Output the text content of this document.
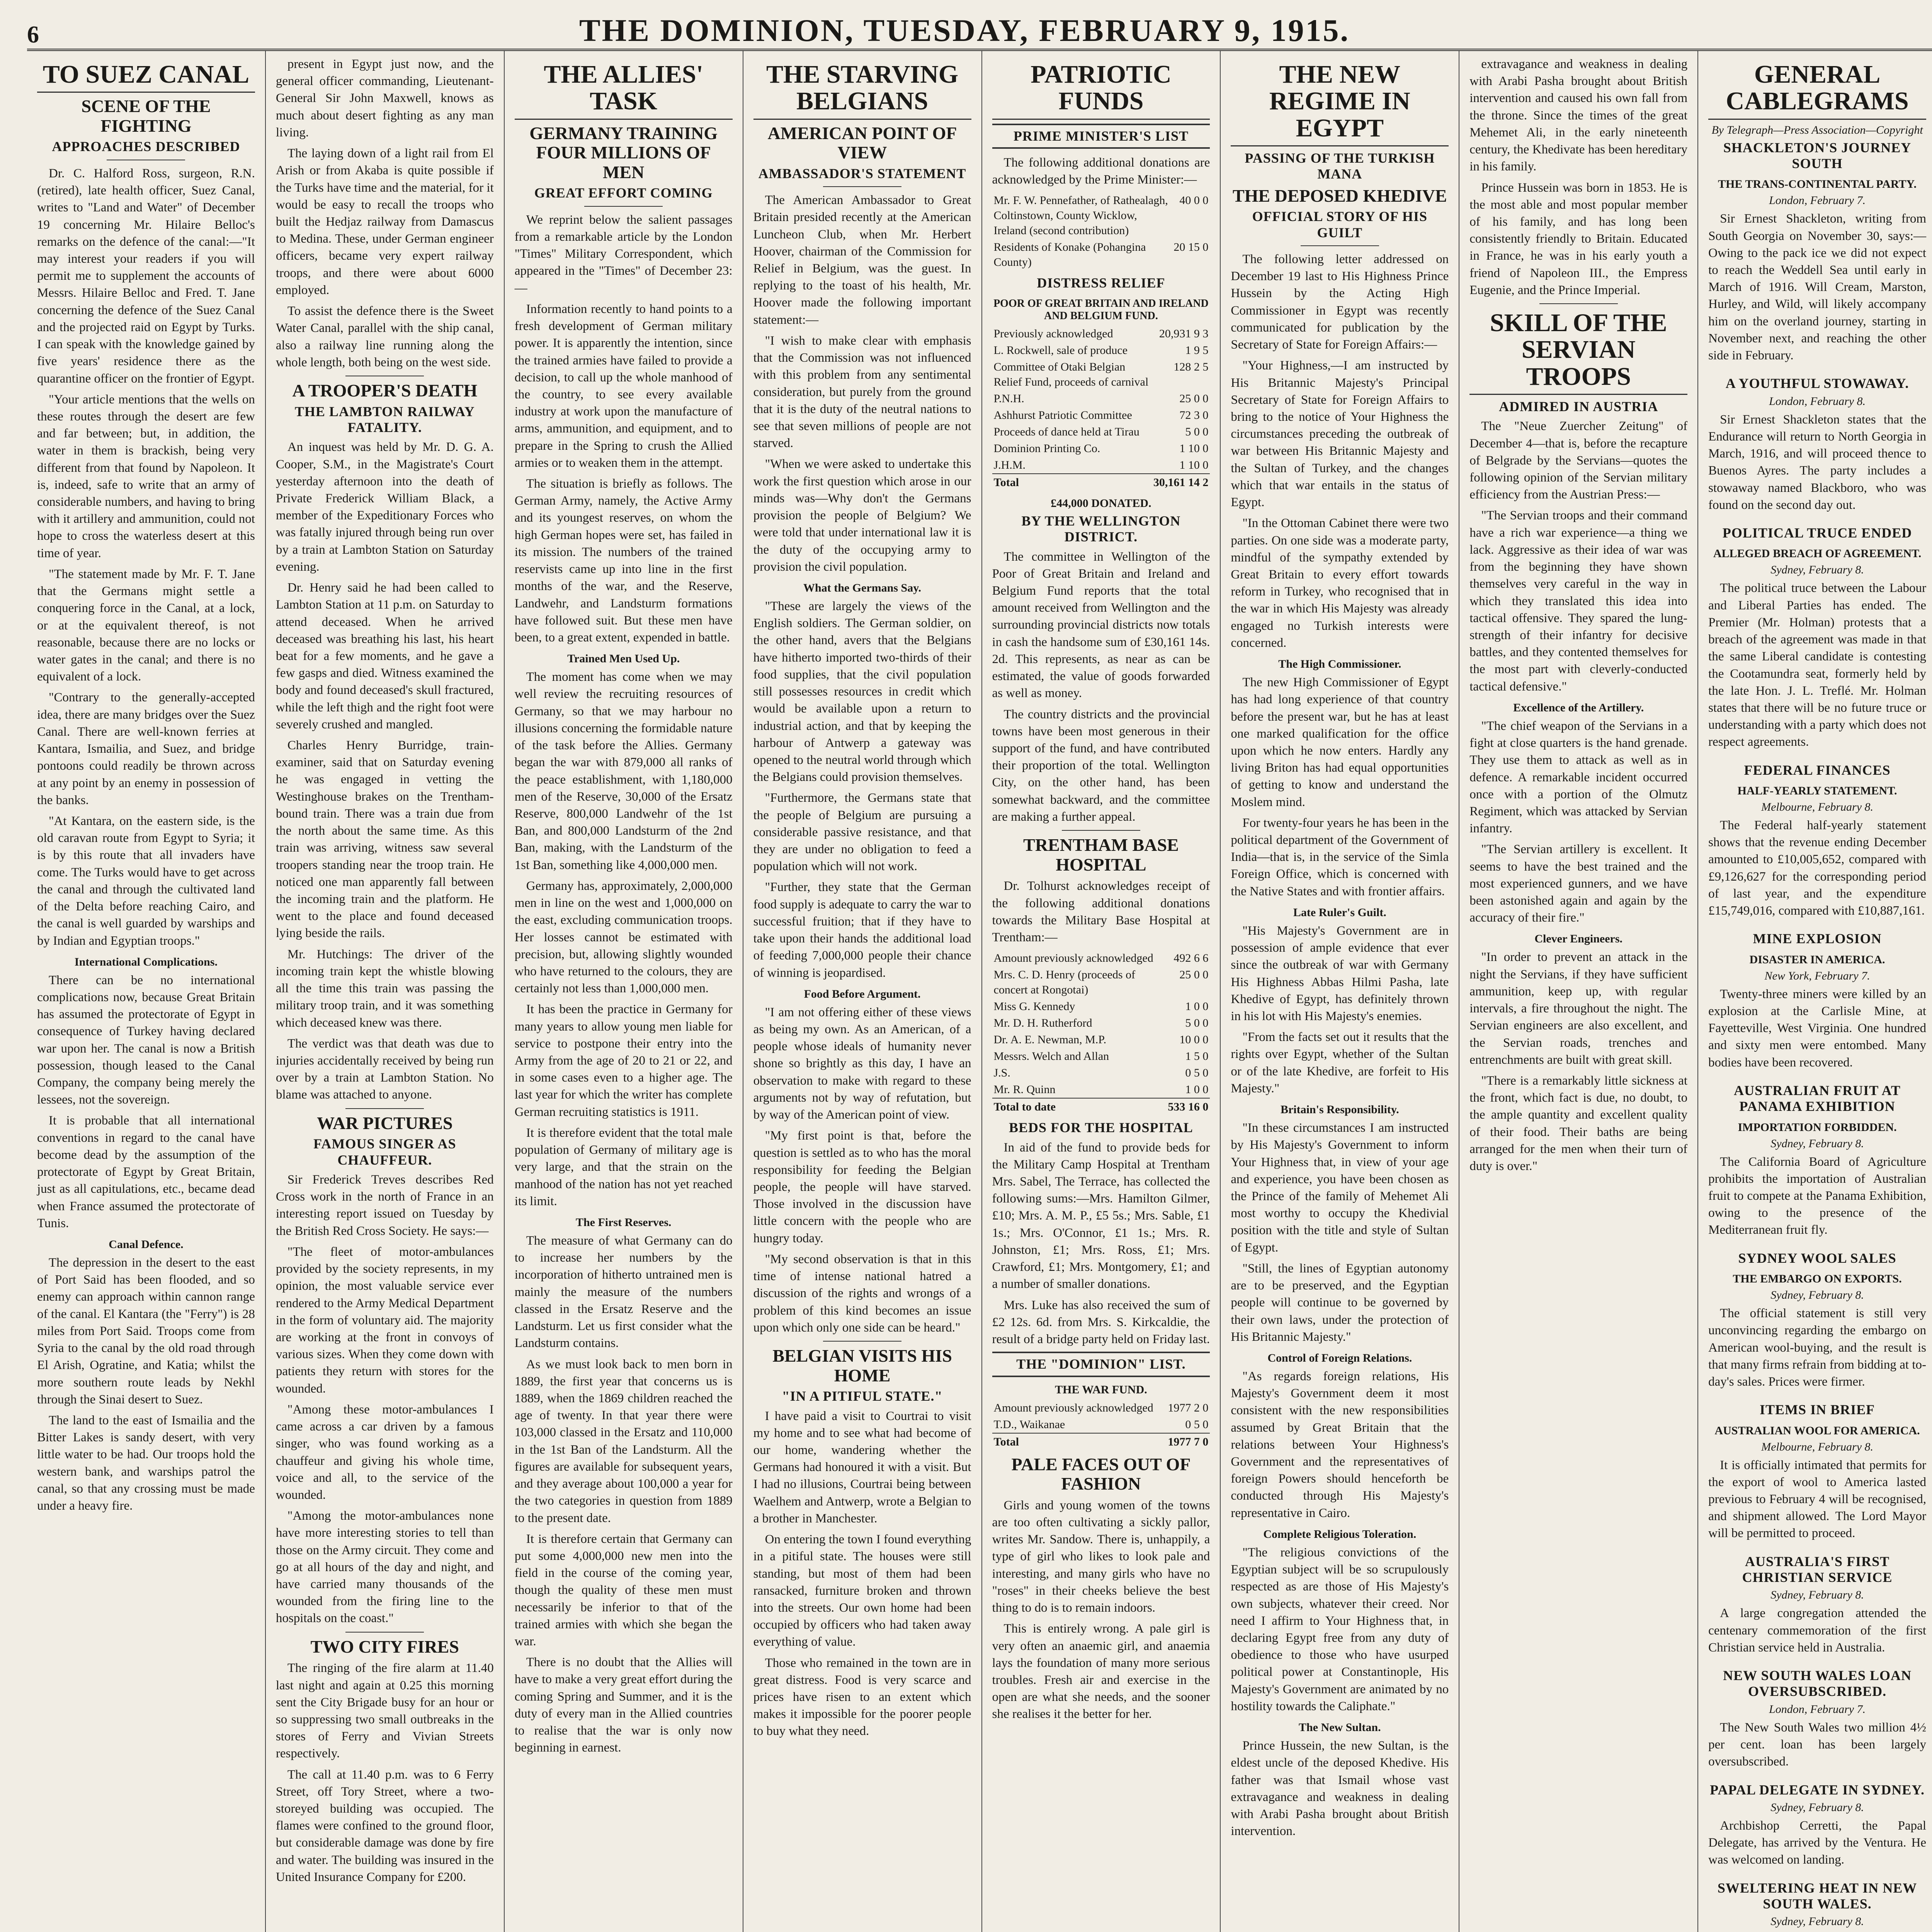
6	THE DOMINION, TUESDAY, FEBRUARY 9, 1915.
TO SUEZ CANAL
SCENE OF THE FIGHTING
APPROACHES DESCRIBED

Dr. C. Halford Ross, surgeon, R.N. (retired), late health officer, Suez Canal, writes to "Land and Water" of December 19 concerning Mr. Hilaire Belloc's remarks on the defence of the canal:—"It may interest your readers if you will permit me to supplement the accounts of Messrs. Hilaire Belloc and Fred. T. Jane concerning the defence of the Suez Canal and the projected raid on Egypt by Turks. I can speak with the knowledge gained by five years' residence there as the quarantine officer on the frontier of Egypt.

"Your article mentions that the wells on these routes through the desert are few and far between; but, in addition, the water in them is brackish, being very different from that found by Napoleon. It is, indeed, safe to write that an army of considerable numbers, and having to bring with it artillery and ammunition, could not hope to cross the waterless desert at this time of year.

"The statement made by Mr. F. T. Jane that the Germans might settle a conquering force in the Canal, at a lock, or at the equivalent thereof, is not reasonable, because there are no locks or water gates in the canal; and there is no equivalent of a lock.

"Contrary to the generally-accepted idea, there are many bridges over the Suez Canal. There are well-known ferries at Kantara, Ismailia, and Suez, and bridge pontoons could readily be thrown across at any point by an enemy in possession of the banks.

"At Kantara, on the eastern side, is the old caravan route from Egypt to Syria; it is by this route that all invaders have come. The Turks would have to get across the canal and through the cultivated land of the Delta before reaching Cairo, and the canal is well guarded by warships and by Indian and Egyptian troops."

International Complications.

There can be no international complications now, because Great Britain has assumed the protectorate of Egypt in consequence of Turkey having declared war upon her. The canal is now a British possession, though leased to the Canal Company, the company being merely the lessees, not the sovereign.

It is probable that all international conventions in regard to the canal have become dead by the assumption of the protectorate of Egypt by Great Britain, just as all capitulations, etc., became dead when France assumed the protectorate of Tunis.

Canal Defence.

The depression in the desert to the east of Port Said has been flooded, and so enemy can approach within cannon range of the canal. El Kantara (the "Ferry") is 28 miles from Port Said. Troops come from Syria to the canal by the old road through El Arish, Ogratine, and Katia; whilst the more southern route leads by Nekhl through the Sinai desert to Suez.

The land to the east of Ismailia and the Bitter Lakes is sandy desert, with very little water to be had. Our troops hold the western bank, and warships patrol the canal, so that any crossing must be made under a heavy fire.

present in Egypt just now, and the general officer commanding, Lieutenant-General Sir John Maxwell, knows as much about desert fighting as any man living.

The laying down of a light rail from El Arish or from Akaba is quite possible if the Turks have time and the material, for it would be easy to recall the troops who built the Hedjaz railway from Damascus to Medina. These, under German engineer officers, became very expert railway troops, and there were about 6000 employed.

To assist the defence there is the Sweet Water Canal, parallel with the ship canal, also a railway line running along the whole length, both being on the west side.

A TROOPER'S DEATH
THE LAMBTON RAILWAY FATALITY.

An inquest was held by Mr. D. G. A. Cooper, S.M., in the Magistrate's Court yesterday afternoon into the death of Private Frederick William Black, a member of the Expeditionary Forces who was fatally injured through being run over by a train at Lambton Station on Saturday evening.

Dr. Henry said he had been called to Lambton Station at 11 p.m. on Saturday to attend deceased. When he arrived deceased was breathing his last, his heart beat for a few moments, and he gave a few gasps and died. Witness examined the body and found deceased's skull fractured, while the left thigh and the right foot were severely crushed and mangled.

Charles Henry Burridge, train-examiner, said that on Saturday evening he was engaged in vetting the Westinghouse brakes on the Trentham-bound train. There was a train due from the north about the same time. As this train was arriving, witness saw several troopers standing near the troop train. He noticed one man apparently fall between the incoming train and the platform. He went to the place and found deceased lying beside the rails.

Mr. Hutchings: The driver of the incoming train kept the whistle blowing all the time this train was passing the military troop train, and it was something which deceased knew was there.

The verdict was that death was due to injuries accidentally received by being run over by a train at Lambton Station. No blame was attached to anyone.

WAR PICTURES
FAMOUS SINGER AS CHAUFFEUR.

Sir Frederick Treves describes Red Cross work in the north of France in an interesting report issued on Tuesday by the British Red Cross Society. He says:—

"The fleet of motor-ambulances provided by the society represents, in my opinion, the most valuable service ever rendered to the Army Medical Department in the form of voluntary aid. The majority are working at the front in convoys of various sizes. When they come down with patients they return with stores for the wounded.

"Among these motor-ambulances I came across a car driven by a famous singer, who was found working as a chauffeur and giving his whole time, voice and all, to the service of the wounded.

"Among the motor-ambulances none have more interesting stories to tell than those on the Army circuit. They come and go at all hours of the day and night, and have carried many thousands of the wounded from the firing line to the hospitals on the coast."

TWO CITY FIRES

The ringing of the fire alarm at 11.40 last night and again at 0.25 this morning sent the City Brigade busy for an hour or so suppressing two small outbreaks in the stores of Ferry and Vivian Streets respectively.

The call at 11.40 p.m. was to 6 Ferry Street, off Tory Street, where a two-storeyed building was occupied. The flames were confined to the ground floor, but considerable damage was done by fire and water. The building was insured in the United Insurance Company for £200.

THE ALLIES' TASK
GERMANY TRAINING FOUR MILLIONS OF MEN
GREAT EFFORT COMING

We reprint below the salient passages from a remarkable article by the London "Times" Military Correspondent, which appeared in the "Times" of December 23:—

Information recently to hand points to a fresh development of German military power. It is apparently the intention, since the trained armies have failed to provide a decision, to call up the whole manhood of the country, to see every available industry at work upon the manufacture of arms, ammunition, and equipment, and to prepare in the Spring to crush the Allied armies or to weaken them in the attempt.

The situation is briefly as follows. The German Army, namely, the Active Army and its youngest reserves, on whom the high German hopes were set, has failed in its mission. The numbers of the trained reservists came up into line in the first months of the war, and the Reserve, Landwehr, and Landsturm formations have followed suit. But these men have been, to a great extent, expended in battle.

Trained Men Used Up.

The moment has come when we may well review the recruiting resources of Germany, so that we may harbour no illusions concerning the formidable nature of the task before the Allies. Germany began the war with 879,000 all ranks of the peace establishment, with 1,180,000 men of the Reserve, 30,000 of the Ersatz Reserve, 800,000 Landwehr of the 1st Ban, and 800,000 Landsturm of the 2nd Ban, making, with the Landsturm of the 1st Ban, something like 4,000,000 men.

Germany has, approximately, 2,000,000 men in line on the west and 1,000,000 on the east, excluding communication troops. Her losses cannot be estimated with precision, but, allowing slightly wounded who have returned to the colours, they are certainly not less than 1,000,000 men.

It has been the practice in Germany for many years to allow young men liable for service to postpone their entry into the Army from the age of 20 to 21 or 22, and in some cases even to a higher age. The last year for which the writer has complete German recruiting statistics is 1911.

It is therefore evident that the total male population of Germany of military age is very large, and that the strain on the manhood of the nation has not yet reached its limit.

The First Reserves.

The measure of what Germany can do to increase her numbers by the incorporation of hitherto untrained men is mainly the measure of the numbers classed in the Ersatz Reserve and the Landsturm. Let us first consider what the Landsturm contains.

As we must look back to men born in 1889, the first year that concerns us is 1889, when the 1869 children reached the age of twenty. In that year there were 103,000 classed in the Ersatz and 110,000 in the 1st Ban of the Landsturm. All the figures are available for subsequent years, and they average about 100,000 a year for the two categories in question from 1889 to the present date.

It is therefore certain that Germany can put some 4,000,000 new men into the field in the course of the coming year, though the quality of these men must necessarily be inferior to that of the trained armies with which she began the war.

There is no doubt that the Allies will have to make a very great effort during the coming Spring and Summer, and it is the duty of every man in the Allied countries to realise that the war is only now beginning in earnest.

THE STARVING BELGIANS
AMERICAN POINT OF VIEW
AMBASSADOR'S STATEMENT

The American Ambassador to Great Britain presided recently at the American Luncheon Club, when Mr. Herbert Hoover, chairman of the Commission for Relief in Belgium, was the guest. In replying to the toast of his health, Mr. Hoover made the following important statement:—

"I wish to make clear with emphasis that the Commission was not influenced with this problem from any sentimental consideration, but purely from the ground that it is the duty of the neutral nations to see that seven millions of people are not starved.

"When we were asked to undertake this work the first question which arose in our minds was—Why don't the Germans provision the people of Belgium? We were told that under international law it is the duty of the occupying army to provision the civil population.

What the Germans Say.

"These are largely the views of the English soldiers. The German soldier, on the other hand, avers that the Belgians have hitherto imported two-thirds of their food supplies, that the civil population still possesses resources in credit which would be available upon a return to industrial action, and that by keeping the harbour of Antwerp a gateway was opened to the neutral world through which the Belgians could provision themselves.

"Furthermore, the Germans state that the people of Belgium are pursuing a considerable passive resistance, and that they are under no obligation to feed a population which will not work.

"Further, they state that the German food supply is adequate to carry the war to successful fruition; that if they have to take upon their hands the additional load of feeding 7,000,000 people their chance of winning is jeopardised.

Food Before Argument.

"I am not offering either of these views as being my own. As an American, of a people whose ideals of humanity never shone so brightly as this day, I have an observation to make with regard to these arguments not by way of refutation, but by way of the American point of view.

"My first point is that, before the question is settled as to who has the moral responsibility for feeding the Belgian people, the people will have starved. Those involved in the discussion have little concern with the people who are hungry today.

"My second observation is that in this time of intense national hatred a discussion of the rights and wrongs of a problem of this kind becomes an issue upon which only one side can be heard."

BELGIAN VISITS HIS HOME
"IN A PITIFUL STATE."

I have paid a visit to Courtrai to visit my home and to see what had become of our home, wandering whether the Germans had honoured it with a visit. But I had no illusions, Courtrai being between Waelhem and Antwerp, wrote a Belgian to a brother in Manchester.

On entering the town I found everything in a pitiful state. The houses were still standing, but most of them had been ransacked, furniture broken and thrown into the streets. Our own home had been occupied by officers who had taken away everything of value.

Those who remained in the town are in great distress. Food is very scarce and prices have risen to an extent which makes it impossible for the poorer people to buy what they need.

PATRIOTIC FUNDS
PRIME MINISTER'S LIST

The following additional donations are acknowledged by the Prime Minister:—

Mr. F. W. Pennefather, of Rathealagh, Coltinstown, County Wicklow, Ireland (second contribution)	40 0 0
Residents of Konake (Pohangina County)	20 15 0
DISTRESS RELIEF
POOR OF GREAT BRITAIN AND IRELAND AND BELGIUM FUND.
Previously acknowledged	20,931 9 3
L. Rockwell, sale of produce	1 9 5
Committee of Otaki Belgian Relief Fund, proceeds of carnival	128 2 5
P.N.H.	25 0 0
Ashhurst Patriotic Committee	72 3 0
Proceeds of dance held at Tirau	5 0 0
Dominion Printing Co.	1 10 0
J.H.M.	1 10 0
Total	30,161 14 2
£44,000 DONATED.
BY THE WELLINGTON DISTRICT.

The committee in Wellington of the Poor of Great Britain and Ireland and Belgium Fund reports that the total amount received from Wellington and the surrounding provincial districts now totals in cash the handsome sum of £30,161 14s. 2d. This represents, as near as can be estimated, the value of goods forwarded as well as money.

The country districts and the provincial towns have been most generous in their support of the fund, and have contributed their proportion of the total. Wellington City, on the other hand, has been somewhat backward, and the committee are making a further appeal.

TRENTHAM BASE HOSPITAL

Dr. Tolhurst acknowledges receipt of the following additional donations towards the Military Base Hospital at Trentham:—

Amount previously acknowledged	492 6 6
Mrs. C. D. Henry (proceeds of concert at Rongotai)	25 0 0
Miss G. Kennedy	1 0 0
Mr. D. H. Rutherford	5 0 0
Dr. A. E. Newman, M.P.	10 0 0
Messrs. Welch and Allan	1 5 0
J.S.	0 5 0
Mr. R. Quinn	1 0 0
Total to date	533 16 0
BEDS FOR THE HOSPITAL

In aid of the fund to provide beds for the Military Camp Hospital at Trentham Mrs. Sabel, The Terrace, has collected the following sums:—Mrs. Hamilton Gilmer, £10; Mrs. A. M. P., £5 5s.; Mrs. Sable, £1 1s.; Mrs. O'Connor, £1 1s.; Mrs. R. Johnston, £1; Mrs. Ross, £1; Mrs. Crawford, £1; Mrs. Montgomery, £1; and a number of smaller donations.

Mrs. Luke has also received the sum of £2 12s. 6d. from Mrs. S. Kirkcaldie, the result of a bridge party held on Friday last.

THE "DOMINION" LIST.
THE WAR FUND.
Amount previously acknowledged	1977 2 0
T.D., Waikanae	0 5 0
Total	1977 7 0
PALE FACES OUT OF FASHION

Girls and young women of the towns are too often cultivating a sickly pallor, writes Mr. Sandow. There is, unhappily, a type of girl who likes to look pale and interesting, and many girls who have no "roses" in their cheeks believe the best thing to do is to remain indoors.

This is entirely wrong. A pale girl is very often an anaemic girl, and anaemia lays the foundation of many more serious troubles. Fresh air and exercise in the open are what she needs, and the sooner she realises it the better for her.

THE NEW REGIME IN EGYPT
PASSING OF THE TURKISH MANA
THE DEPOSED KHEDIVE
OFFICIAL STORY OF HIS GUILT

The following letter addressed on December 19 last to His Highness Prince Hussein by the Acting High Commissioner in Egypt was recently communicated for publication by the Secretary of State for Foreign Affairs:—

"Your Highness,—I am instructed by His Britannic Majesty's Principal Secretary of State for Foreign Affairs to bring to the notice of Your Highness the circumstances preceding the outbreak of war between His Britannic Majesty and the Sultan of Turkey, and the changes which that war entails in the status of Egypt.

"In the Ottoman Cabinet there were two parties. On one side was a moderate party, mindful of the sympathy extended by Great Britain to every effort towards reform in Turkey, who recognised that in the war in which His Majesty was already engaged no Turkish interests were concerned.

The High Commissioner.

The new High Commissioner of Egypt has had long experience of that country before the present war, but he has at least one marked qualification for the office upon which he now enters. Hardly any living Briton has had equal opportunities of getting to know and understand the Moslem mind.

For twenty-four years he has been in the political department of the Government of India—that is, in the service of the Simla Foreign Office, which is concerned with the Native States and with frontier affairs.

Late Ruler's Guilt.

"His Majesty's Government are in possession of ample evidence that ever since the outbreak of war with Germany His Highness Abbas Hilmi Pasha, late Khedive of Egypt, has definitely thrown in his lot with His Majesty's enemies.

"From the facts set out it results that the rights over Egypt, whether of the Sultan or of the late Khedive, are forfeit to His Majesty."

Britain's Responsibility.

"In these circumstances I am instructed by His Majesty's Government to inform Your Highness that, in view of your age and experience, you have been chosen as the Prince of the family of Mehemet Ali most worthy to occupy the Khedivial position with the title and style of Sultan of Egypt.

"Still, the lines of Egyptian autonomy are to be preserved, and the Egyptian people will continue to be governed by their own laws, under the protection of His Britannic Majesty."

Control of Foreign Relations.

"As regards foreign relations, His Majesty's Government deem it most consistent with the new responsibilities assumed by Great Britain that the relations between Your Highness's Government and the representatives of foreign Powers should henceforth be conducted through His Majesty's representative in Cairo.

Complete Religious Toleration.

"The religious convictions of the Egyptian subject will be so scrupulously respected as are those of His Majesty's own subjects, whatever their creed. Nor need I affirm to Your Highness that, in declaring Egypt free from any duty of obedience to those who have usurped political power at Constantinople, His Majesty's Government are animated by no hostility towards the Caliphate."

The New Sultan.

Prince Hussein, the new Sultan, is the eldest uncle of the deposed Khedive. His father was that Ismail whose vast extravagance and weakness in dealing with Arabi Pasha brought about British intervention.

extravagance and weakness in dealing with Arabi Pasha brought about British intervention and caused his own fall from the throne. Since the times of the great Mehemet Ali, in the early nineteenth century, the Khedivate has been hereditary in his family.

Prince Hussein was born in 1853. He is the most able and most popular member of his family, and has long been consistently friendly to Britain. Educated in France, he was in his early youth a friend of Napoleon III., the Empress Eugenie, and the Prince Imperial.

SKILL OF THE SERVIAN TROOPS
ADMIRED IN AUSTRIA

The "Neue Zuercher Zeitung" of December 4—that is, before the recapture of Belgrade by the Servians—quotes the following opinion of the Servian military efficiency from the Austrian Press:—

"The Servian troops and their command have a rich war experience—a thing we lack. Aggressive as their idea of war was from the beginning they have shown themselves very careful in the way in which they translated this idea into tactical offensive. They spared the lung-strength of their infantry for decisive battles, and they contented themselves for the most part with cleverly-conducted tactical defensive."

Excellence of the Artillery.

"The chief weapon of the Servians in a fight at close quarters is the hand grenade. They use them to attack as well as in defence. A remarkable incident occurred once with a portion of the Olmutz Regiment, which was attacked by Servian infantry.

"The Servian artillery is excellent. It seems to have the best trained and the most experienced gunners, and we have been astonished again and again by the accuracy of their fire."

Clever Engineers.

"In order to prevent an attack in the night the Servians, if they have sufficient ammunition, keep up, with regular intervals, a fire throughout the night. The Servian engineers are also excellent, and the Servian roads, trenches and entrenchments are built with great skill.

"There is a remarkably little sickness at the front, which fact is due, no doubt, to the ample quantity and excellent quality of their food. Their baths are being arranged for the men when their turn of duty is over."

GENERAL CABLEGRAMS
By Telegraph—Press Association—Copyright
SHACKLETON'S JOURNEY SOUTH
THE TRANS-CONTINENTAL PARTY.
London, February 7.
Sir Ernest Shackleton, writing from South Georgia on November 30, says:— Owing to the pack ice we did not expect to reach the Weddell Sea until early in March of 1916. Will Cream, Marston, Hurley, and Wild, will likely accompany him on the overland journey, starting in November next, and reaching the other side in February.
A YOUTHFUL STOWAWAY.
London, February 8.
Sir Ernest Shackleton states that the Endurance will return to North Georgia in March, 1916, and will proceed thence to Buenos Ayres. The party includes a stowaway named Blackboro, who was found on the second day out.
POLITICAL TRUCE ENDED
ALLEGED BREACH OF AGREEMENT.
Sydney, February 8.
The political truce between the Labour and Liberal Parties has ended. The Premier (Mr. Holman) protests that a breach of the agreement was made in that the same Liberal candidate is contesting the Cootamundra seat, formerly held by the late Hon. J. L. Treflé. Mr. Holman states that there will be no future truce or understanding with a party which does not respect agreements.
FEDERAL FINANCES
HALF-YEARLY STATEMENT.
Melbourne, February 8.
The Federal half-yearly statement shows that the revenue ending December amounted to £10,005,652, compared with £9,126,627 for the corresponding period of last year, and the expenditure £15,749,016, compared with £10,887,161.
MINE EXPLOSION
DISASTER IN AMERICA.
New York, February 7.
Twenty-three miners were killed by an explosion at the Carlisle Mine, at Fayetteville, West Virginia. One hundred and sixty men were entombed. Many bodies have been recovered.
AUSTRALIAN FRUIT AT PANAMA EXHIBITION
IMPORTATION FORBIDDEN.
Sydney, February 8.
The California Board of Agriculture prohibits the importation of Australian fruit to compete at the Panama Exhibition, owing to the presence of the Mediterranean fruit fly.
SYDNEY WOOL SALES
THE EMBARGO ON EXPORTS.
Sydney, February 8.
The official statement is still very unconvincing regarding the embargo on American wool-buying, and the result is that many firms refrain from bidding at to-day's sales. Prices were firmer.
ITEMS IN BRIEF
AUSTRALIAN WOOL FOR AMERICA.
Melbourne, February 8.
It is officially intimated that permits for the export of wool to America lasted previous to February 4 will be recognised, and shipment allowed. The Lord Mayor will be permitted to proceed.
AUSTRALIA'S FIRST CHRISTIAN SERVICE
Sydney, February 8.
A large congregation attended the centenary commemoration of the first Christian service held in Australia.
NEW SOUTH WALES LOAN OVERSUBSCRIBED.
London, February 7.
The New South Wales two million 4½ per cent. loan has been largely oversubscribed.
PAPAL DELEGATE IN SYDNEY.
Sydney, February 8.
Archbishop Cerretti, the Papal Delegate, has arrived by the Ventura. He was welcomed on landing.
SWELTERING HEAT IN NEW SOUTH WALES.
Sydney, February 8.
